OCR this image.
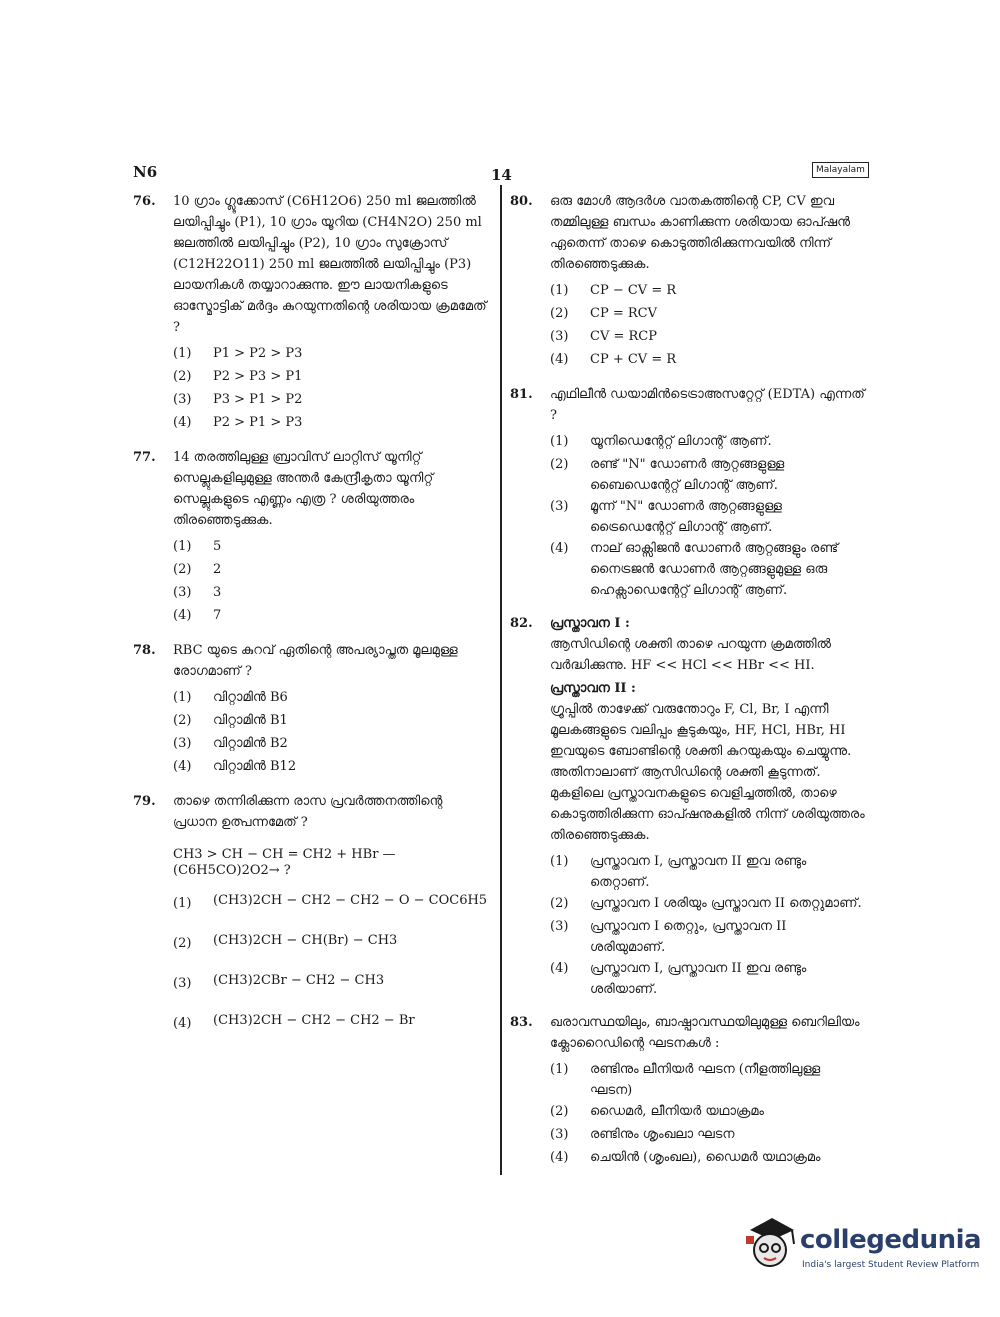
N6	14	Malayalam
76. 10 ഗ്രാം ഗ്ലൂക്കോസ് (C6H12O6) 250 ml ജലത്തിൽ ലയിപ്പിച്ചും (P1), 10 ഗ്രാം യൂറിയ (CH4N2O) 250 ml ജലത്തിൽ ലയിപ്പിച്ചും (P2), 10 ഗ്രാം സുക്രോസ് (C12H22O11) 250 ml ജലത്തിൽ ലയിപ്പിച്ചും (P3) ലായനികൾ തയ്യാറാക്കുന്നു. ഈ ലായനികളുടെ ഓസ്മോട്ടിക് മർദ്ദം കുറയുന്നതിന്റെ ശരിയായ ക്രമമേത് ?
(1)	P1 > P2 > P3
(2)	P2 > P3 > P1
(3)	P3 > P1 > P2
(4)	P2 > P1 > P3
77. 14 തരത്തിലുള്ള ബ്രാവിസ് ലാറ്റിസ് യൂനിറ്റ് സെല്ലുകളിലുമുള്ള അന്തർ കേന്ദ്രീകൃതാ യൂനിറ്റ് സെല്ലുകളുടെ എണ്ണം എത്ര ? ശരിയുത്തരം തിരഞ്ഞെടുക്കുക.
(1)	5
(2)	2
(3)	3
(4)	7
78. RBC യുടെ കുറവ് ഏതിന്റെ അപര്യാപ്തത മൂലമുള്ള രോഗമാണ് ?
(1)	വിറ്റാമിൻ B6
(2)	വിറ്റാമിൻ B1
(3)	വിറ്റാമിൻ B2
(4)	വിറ്റാമിൻ B12
79. താഴെ തന്നിരിക്കുന്ന രാസ പ്രവർത്തനത്തിന്റെ പ്രധാന ഉത്പന്നമേത് ?
CH3 > CH − CH = CH2 + HBr —(C6H5CO)2O2→ ?
(1)	(CH3)2CH − CH2 − CH2 − O − COC6H5
(2)	(CH3)2CH − CH(Br) − CH3
(3)	(CH3)2CBr − CH2 − CH3
(4)	(CH3)2CH − CH2 − CH2 − Br
80. ഒരു മോൾ ആദർശ വാതകത്തിന്റെ CP, CV ഇവ തമ്മിലുള്ള ബന്ധം കാണിക്കുന്ന ശരിയായ ഓപ്ഷൻ ഏതെന്ന് താഴെ കൊടുത്തിരിക്കുന്നവയിൽ നിന്ന് തിരഞ്ഞെടുക്കുക.
(1)	CP − CV = R
(2)	CP = RCV
(3)	CV = RCP
(4)	CP + CV = R
81. എഥിലീൻ ഡയാമിൻടെട്രാഅസറ്റേറ്റ് (EDTA) എന്നത് ?
(1)	യൂനിഡെന്റേറ്റ് ലിഗാന്റ് ആണ്.
(2)	രണ്ട് "N" ഡോണർ ആറ്റങ്ങളുള്ള ബൈഡെന്റേറ്റ് ലിഗാന്റ് ആണ്.
(3)	മൂന്ന് "N" ഡോണർ ആറ്റങ്ങളുള്ള ട്രൈഡെന്റേറ്റ് ലിഗാന്റ് ആണ്.
(4)	നാല് ഓക്സിജൻ ഡോണർ ആറ്റങ്ങളും രണ്ട് നൈട്രജൻ ഡോണർ ആറ്റങ്ങളുമുള്ള ഒരു ഹെക്സാഡെന്റേറ്റ് ലിഗാന്റ് ആണ്.
82. പ്രസ്താവന I :
ആസിഡിന്റെ ശക്തി താഴെ പറയുന്ന ക്രമത്തിൽ വർദ്ധിക്കുന്നു. HF << HCl << HBr << HI.
പ്രസ്താവന II :
ഗ്രൂപ്പിൽ താഴേക്ക് വരുന്തോറും F, Cl, Br, I എന്നീ മൂലകങ്ങളുടെ വലിപ്പം കൂടുകയും, HF, HCl, HBr, HI ഇവയുടെ ബോണ്ടിന്റെ ശക്തി കുറയുകയും ചെയ്യുന്നു. അതിനാലാണ് ആസിഡിന്റെ ശക്തി കൂടുന്നത്.
മുകളിലെ പ്രസ്താവനകളുടെ വെളിച്ചത്തിൽ, താഴെ കൊടുത്തിരിക്കുന്ന ഓപ്ഷനുകളിൽ നിന്ന് ശരിയുത്തരം തിരഞ്ഞെടുക്കുക.
(1)	പ്രസ്താവന I, പ്രസ്താവന II ഇവ രണ്ടും തെറ്റാണ്.
(2)	പ്രസ്താവന I ശരിയും പ്രസ്താവന II തെറ്റുമാണ്.
(3)	പ്രസ്താവന I തെറ്റും, പ്രസ്താവന II ശരിയുമാണ്.
(4)	പ്രസ്താവന I, പ്രസ്താവന II ഇവ രണ്ടും ശരിയാണ്.
83. ഖരാവസ്ഥയിലും, ബാഷ്പാവസ്ഥയിലുമുള്ള ബെറിലിയം ക്ലോറൈഡിന്റെ ഘടനകൾ :
(1)	രണ്ടിനും ലീനിയർ ഘടന (നീളത്തിലുള്ള ഘടന)
(2)	ഡൈമർ, ലീനിയർ യഥാക്രമം
(3)	രണ്ടിനും ശൃംഖലാ ഘടന
(4)	ചെയിൻ (ശൃംഖല), ഡൈമർ യഥാക്രമം
collegedunia
India's largest Student Review Platform
